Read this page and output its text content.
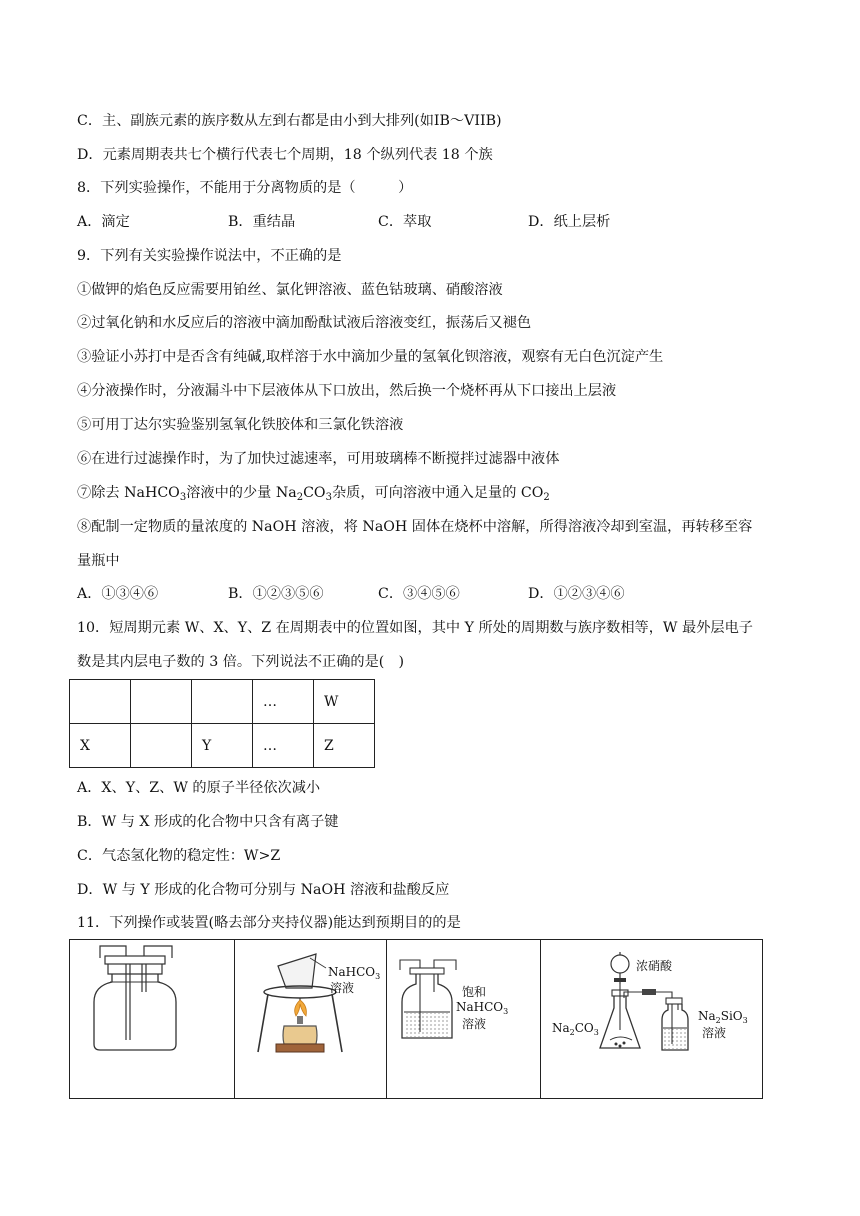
C．主、副族元素的族序数从左到右都是由小到大排列(如IB～VIIB)
D．元素周期表共七个横行代表七个周期，18 个纵列代表 18 个族
8．下列实验操作，不能用于分离物质的是（　　　）
A．滴定	B．重结晶	C．萃取	D．纸上层析
9．下列有关实验操作说法中，不正确的是
①做钾的焰色反应需要用铂丝、氯化钾溶液、蓝色钴玻璃、硝酸溶液
②过氧化钠和水反应后的溶液中滴加酚酞试液后溶液变红，振荡后又褪色
③验证小苏打中是否含有纯碱,取样溶于水中滴加少量的氢氧化钡溶液，观察有无白色沉淀产生
④分液操作时，分液漏斗中下层液体从下口放出，然后换一个烧杯再从下口接出上层液
⑤可用丁达尔实验鉴别氢氧化铁胶体和三氯化铁溶液
⑥在进行过滤操作时，为了加快过滤速率，可用玻璃棒不断搅拌过滤器中液体
⑦除去 NaHCO$_3$溶液中的少量 $Na_2CO_3$杂质，可向溶液中通入足量的 $CO_2$
⑧配制一定物质的量浓度的 NaOH 溶液，将 NaOH 固体在烧杯中溶解，所得溶液冷却到室温，再转移至容
量瓶中
A．①③④⑥	B．①②③⑤⑥	C．③④⑤⑥	D．①②③④⑥
10．短周期元素 W、X、Y、Z 在周期表中的位置如图，其中 Y 所处的周期数与族序数相等，W 最外层电子
数是其内层电子数的 3 倍。下列说法不正确的是(　)
			…	W
X		Y	…	Z
A．X、Y、Z、W 的原子半径依次减小
B．W 与 X 形成的化合物中只含有离子键
C．气态氢化物的稳定性：W>Z
D．W 与 Y 形成的化合物可分别与 NaOH 溶液和盐酸反应
11．下列操作或装置(略去部分夹持仪器)能达到预期目的的是
NaHCO$_3$
溶液	饱和
NaHCO$_3$
溶液
浓硝酸
$Na_2CO_3$
$Na_2SiO_3$
溶液
